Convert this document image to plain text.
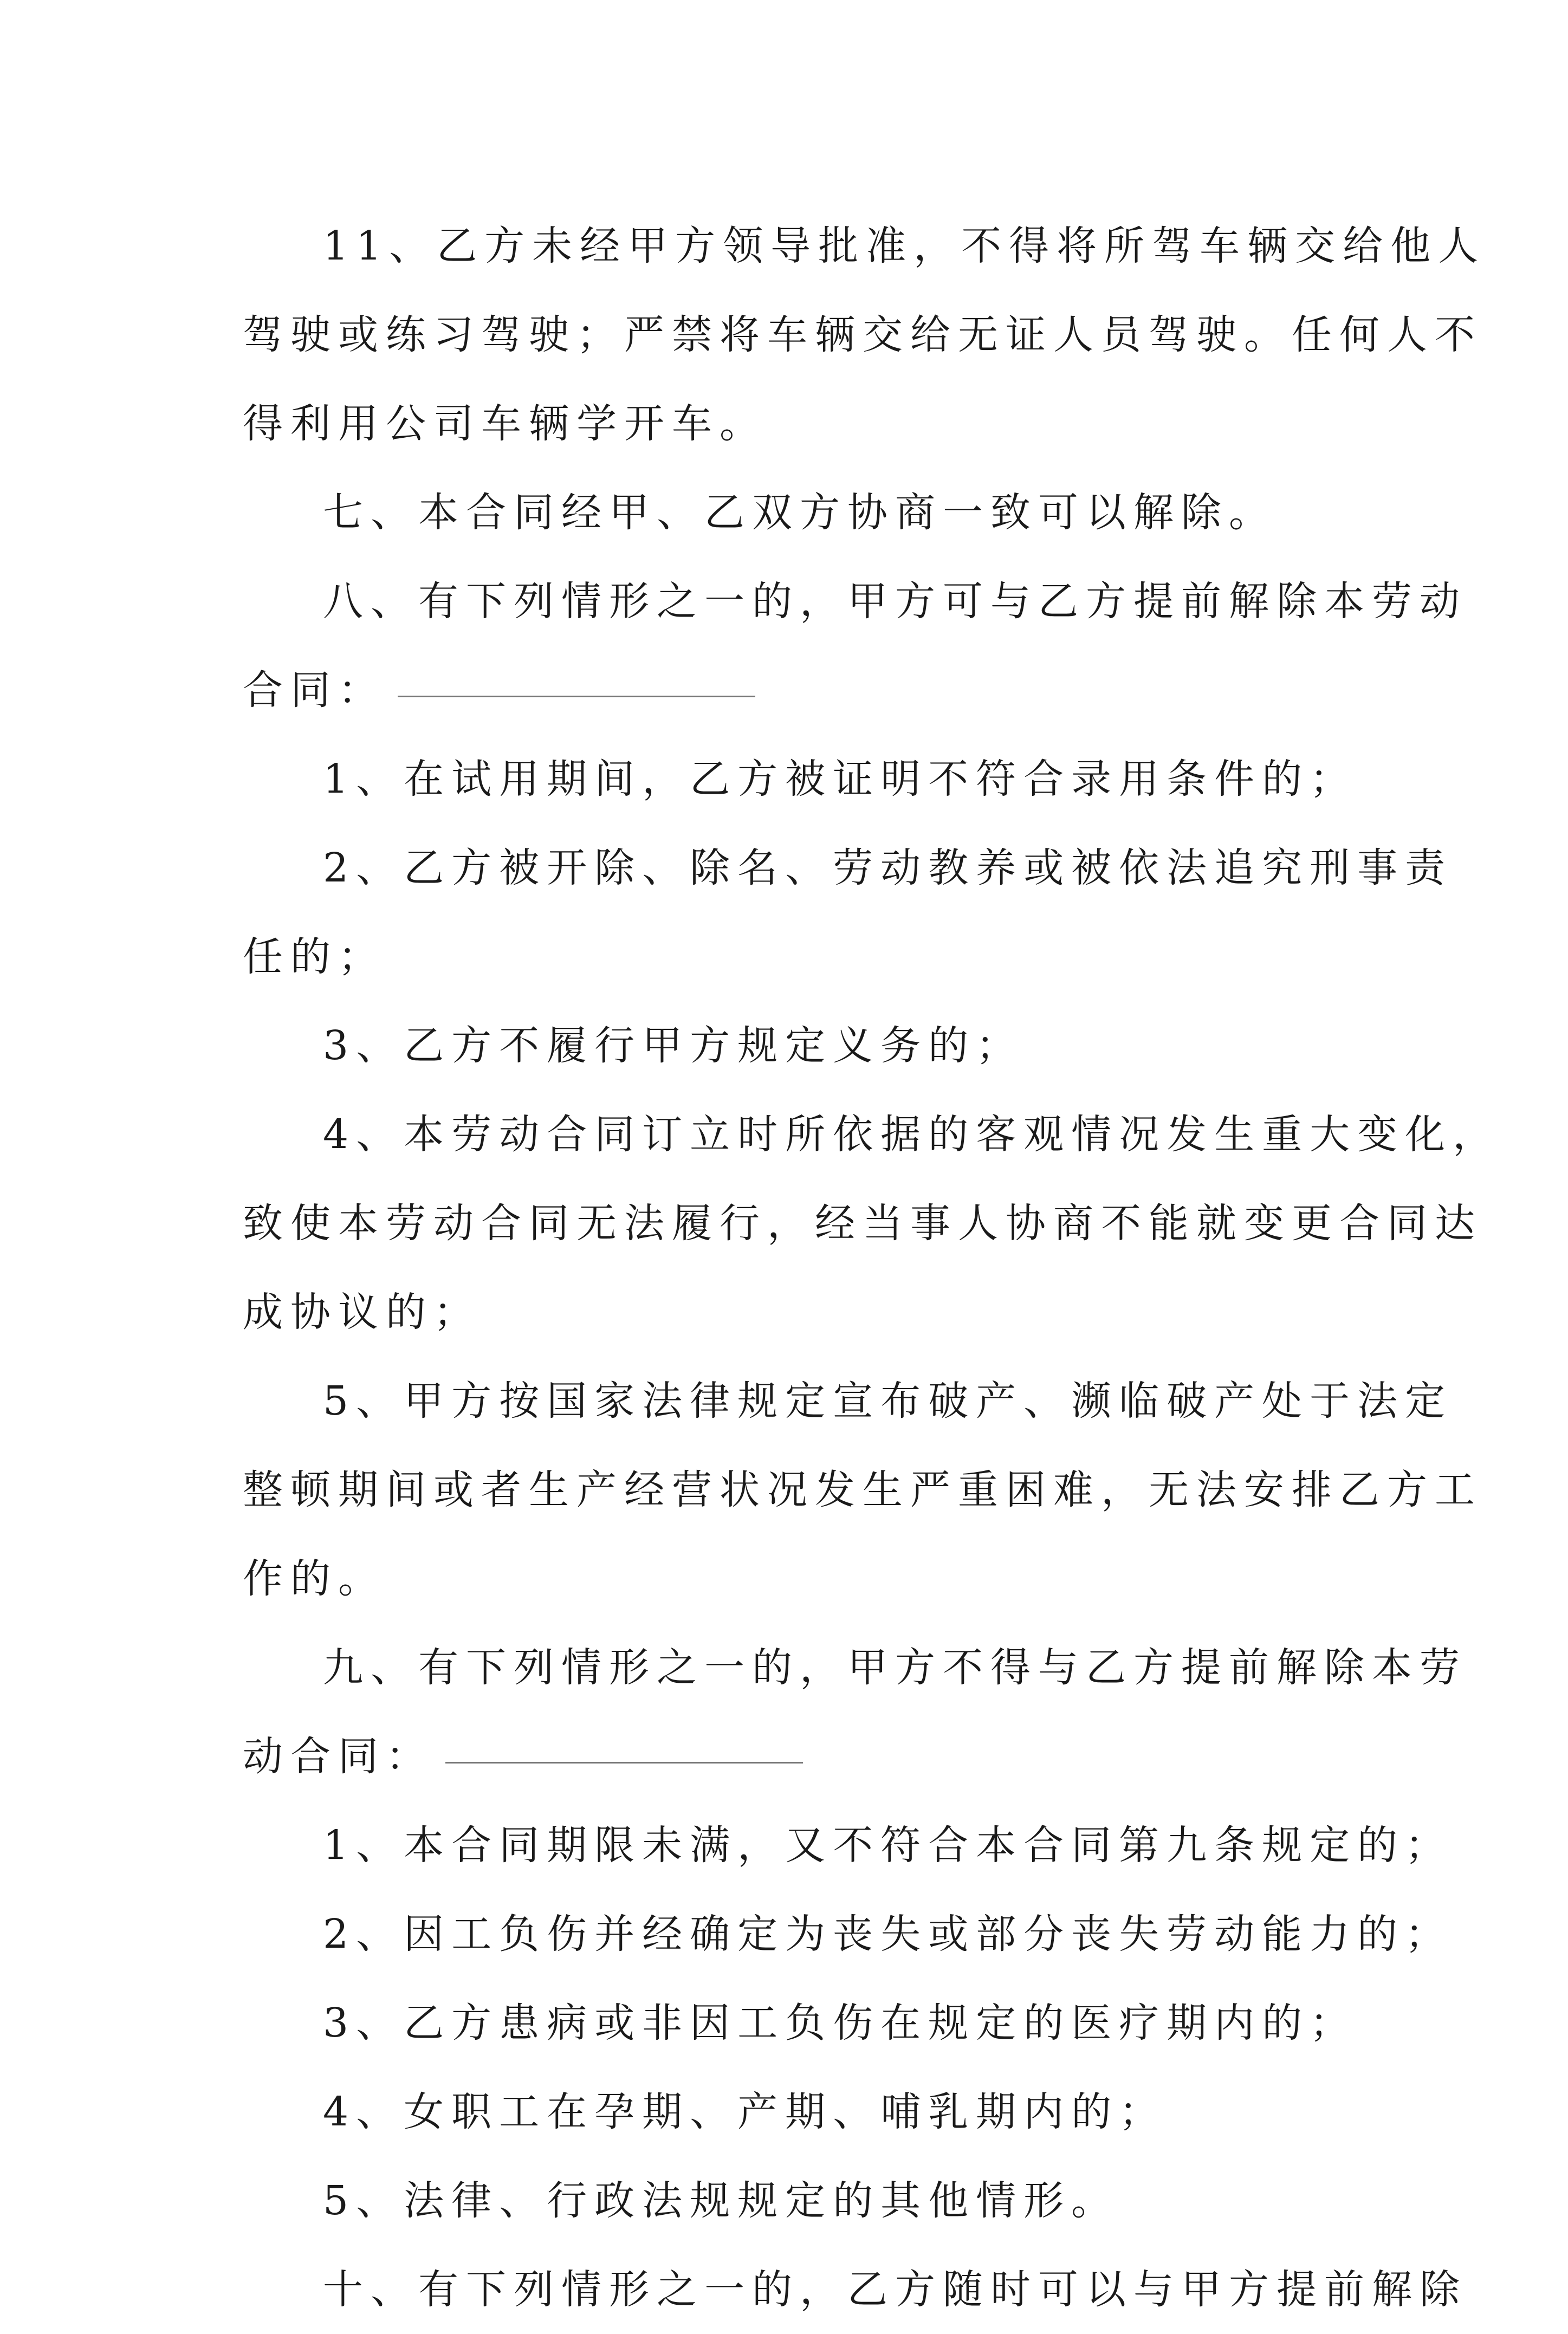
11、乙方未经甲方领导批准，不得将所驾车辆交给他人
驾驶或练习驾驶；严禁将车辆交给无证人员驾驶。任何人不
得利用公司车辆学开车。
七、本合同经甲、乙双方协商一致可以解除。
八、有下列情形之一的，甲方可与乙方提前解除本劳动
合同：
1、在试用期间，乙方被证明不符合录用条件的；
2、乙方被开除、除名、劳动教养或被依法追究刑事责
任的；
3、乙方不履行甲方规定义务的；
4、本劳动合同订立时所依据的客观情况发生重大变化，
致使本劳动合同无法履行，经当事人协商不能就变更合同达
成协议的；
5、甲方按国家法律规定宣布破产、濒临破产处于法定
整顿期间或者生产经营状况发生严重困难，无法安排乙方工
作的。
九、有下列情形之一的，甲方不得与乙方提前解除本劳
动合同：
1、本合同期限未满，又不符合本合同第九条规定的；
2、因工负伤并经确定为丧失或部分丧失劳动能力的；
3、乙方患病或非因工负伤在规定的医疗期内的；
4、女职工在孕期、产期、哺乳期内的；
5、法律、行政法规规定的其他情形。
十、有下列情形之一的，乙方随时可以与甲方提前解除
